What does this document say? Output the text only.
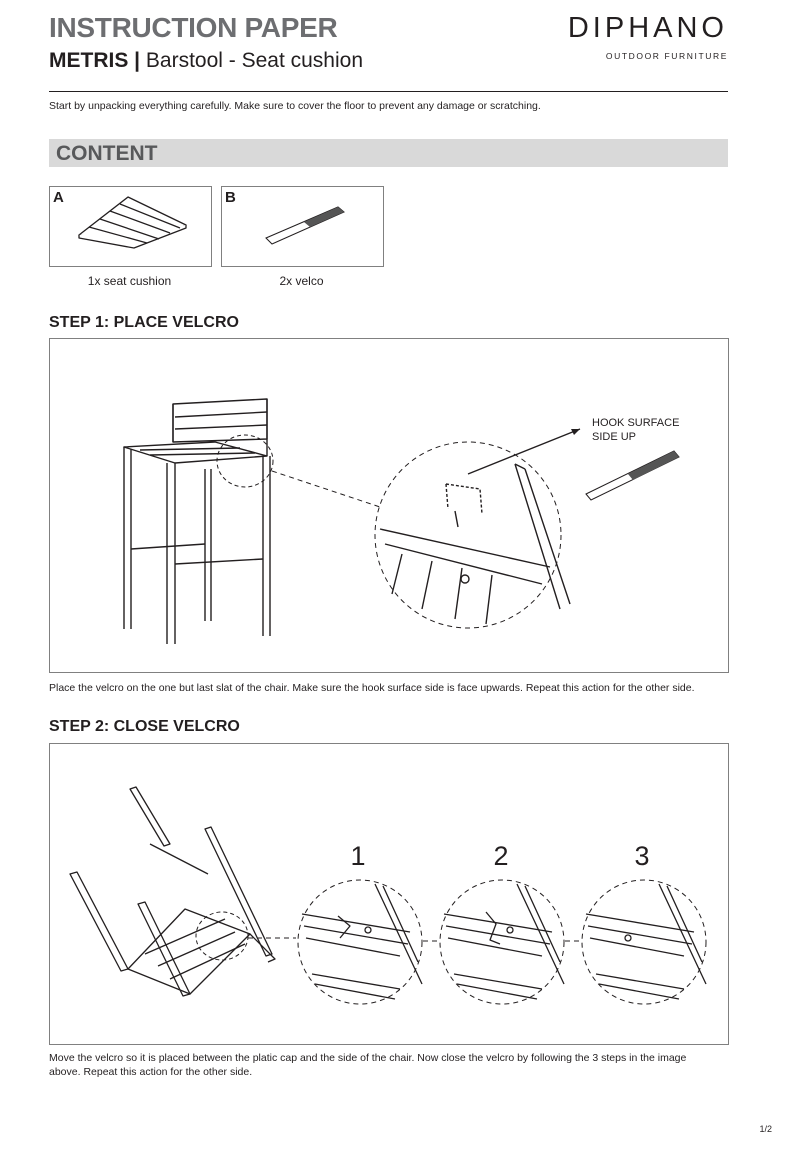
INSTRUCTION PAPER
METRIS | Barstool - Seat cushion
DIPHANO
OUTDOOR FURNITURE
Start by unpacking everything carefully. Make sure to cover the floor to prevent any damage or scratching.
CONTENT
A
1x seat cushion
B
2x velco
STEP 1: PLACE VELCRO
HOOK SURFACE
SIDE UP
Place the velcro on the one but last slat of the chair. Make sure the hook surface side is face upwards. Repeat this action for the other side.
STEP 2: CLOSE VELCRO
1	2	3
Move the velcro so it is placed between the platic cap and the side of the chair. Now close the velcro by following the 3 steps in the image
above. Repeat this action for the other side.
1/2
